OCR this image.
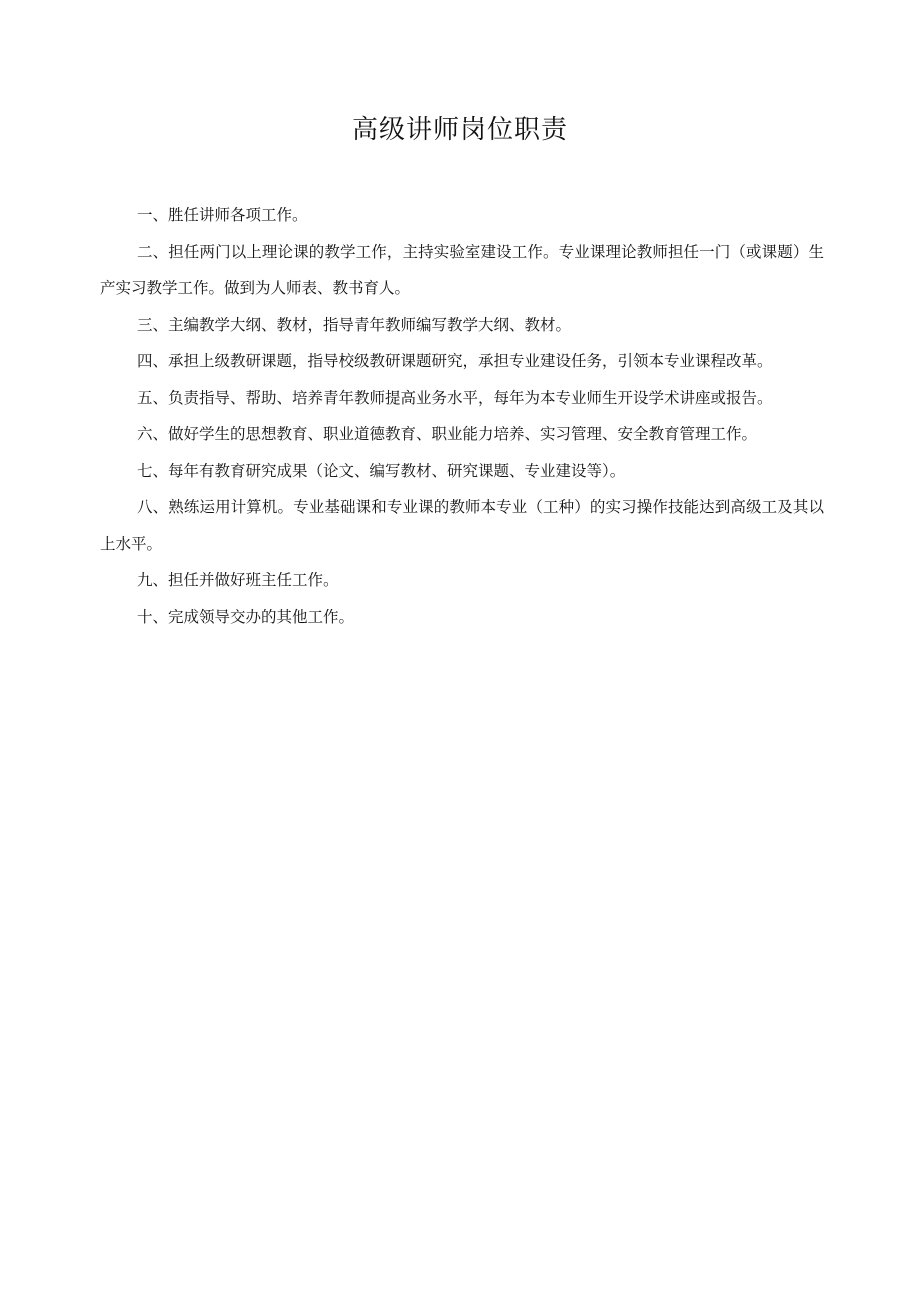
高级讲师岗位职责

一、胜任讲师各项工作。

二、担任两门以上理论课的教学工作，主持实验室建设工作。专业课理论教师担任一门（或课题）生产实习教学工作。做到为人师表、教书育人。

三、主编教学大纲、教材，指导青年教师编写教学大纲、教材。

四、承担上级教研课题，指导校级教研课题研究，承担专业建设任务，引领本专业课程改革。

五、负责指导、帮助、培养青年教师提高业务水平，每年为本专业师生开设学术讲座或报告。

六、做好学生的思想教育、职业道德教育、职业能力培养、实习管理、安全教育管理工作。

七、每年有教育研究成果（论文、编写教材、研究课题、专业建设等）。

八、熟练运用计算机。专业基础课和专业课的教师本专业（工种）的实习操作技能达到高级工及其以上水平。

九、担任并做好班主任工作。

十、完成领导交办的其他工作。
